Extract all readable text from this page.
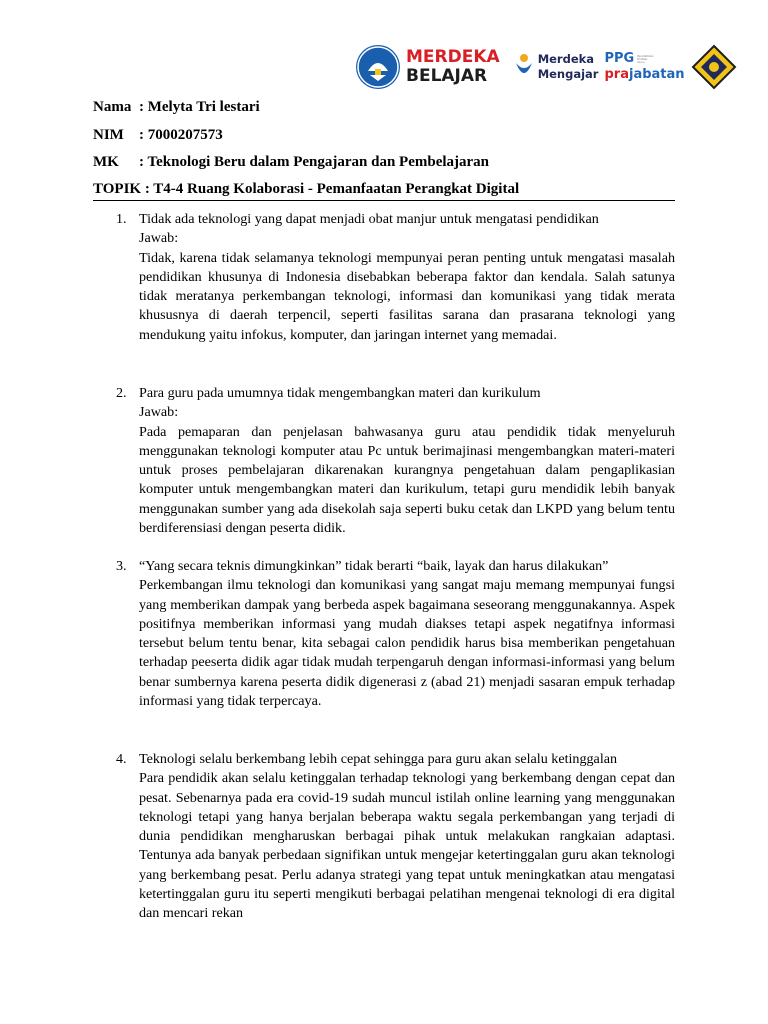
MERDEKA
BELAJAR
Merdeka
Mengajar
PPG Pendidikan Profesi Guru
prajabatan
Nama : Melyta Tri lestari
NIM : 7000207573
MK : Teknologi Beru dalam Pengajaran dan Pembelajaran
TOPIK : T4-4 Ruang Kolaborasi - Pemanfaatan Perangkat Digital
1. Tidak ada teknologi yang dapat menjadi obat manjur untuk mengatasi pendidikan
Jawab:
Tidak, karena tidak selamanya teknologi mempunyai peran penting untuk mengatasi masalah pendidikan khusunya di Indonesia disebabkan beberapa faktor dan kendala. Salah satunya tidak meratanya perkembangan teknologi, informasi dan komunikasi yang tidak merata khususnya di daerah terpencil, seperti fasilitas sarana dan prasarana teknologi yang mendukung yaitu infokus, komputer, dan jaringan internet yang memadai.
2. Para guru pada umumnya tidak mengembangkan materi dan kurikulum
Jawab:
Pada pemaparan dan penjelasan bahwasanya guru atau pendidik tidak menyeluruh menggunakan teknologi komputer atau Pc untuk berimajinasi mengembangkan materi-materi untuk proses pembelajaran dikarenakan kurangnya pengetahuan dalam pengaplikasian komputer untuk mengembangkan materi dan kurikulum, tetapi guru mendidik lebih banyak menggunakan sumber yang ada disekolah saja seperti buku cetak dan LKPD yang belum tentu berdiferensiasi dengan peserta didik.
3. “Yang secara teknis dimungkinkan” tidak berarti “baik, layak dan harus dilakukan”
Perkembangan ilmu teknologi dan komunikasi yang sangat maju memang mempunyai fungsi yang memberikan dampak yang berbeda aspek bagaimana seseorang menggunakannya. Aspek positifnya memberikan informasi yang mudah diakses tetapi aspek negatifnya informasi tersebut belum tentu benar, kita sebagai calon pendidik harus bisa memberikan pengetahuan terhadap peeserta didik agar tidak mudah terpengaruh dengan informasi-informasi yang belum benar sumbernya karena peserta didik digenerasi z (abad 21) menjadi sasaran empuk terhadap informasi yang tidak terpercaya.
4. Teknologi selalu berkembang lebih cepat sehingga para guru akan selalu ketinggalan
Para pendidik akan selalu ketinggalan terhadap teknologi yang berkembang dengan cepat dan pesat. Sebenarnya pada era covid-19 sudah muncul istilah online learning yang menggunakan teknologi tetapi yang hanya berjalan beberapa waktu segala perkembangan yang terjadi di dunia pendidikan mengharuskan berbagai pihak untuk melakukan rangkaian adaptasi. Tentunya ada banyak perbedaan signifikan untuk mengejar ketertinggalan guru akan teknologi yang berkembang pesat. Perlu adanya strategi yang tepat untuk meningkatkan atau mengatasi ketertinggalan guru itu seperti mengikuti berbagai pelatihan mengenai teknologi di era digital dan mencari rekan
